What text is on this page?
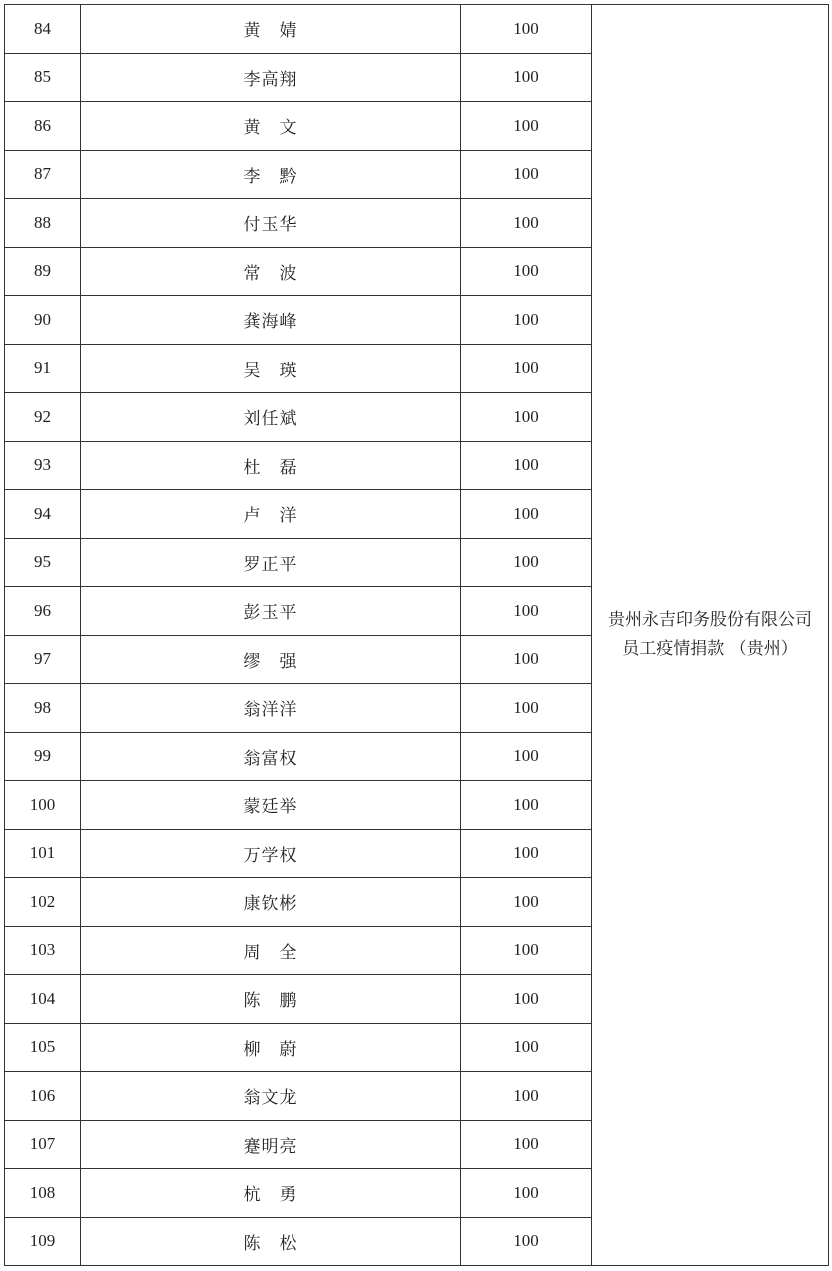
84	黄　婧	100	贵州永吉印务股份有限公司
员工疫情捐款 （贵州）

85	李高翔	100	
86	黄　文	100	
87	李　黔	100	
88	付玉华	100	
89	常　波	100	
90	龚海峰	100	
91	吴　瑛	100	
92	刘任斌	100	
93	杜　磊	100	
94	卢　洋	100	
95	罗正平	100	
96	彭玉平	100	
97	缪　强	100	
98	翁洋洋	100	
99	翁富权	100	
100	蒙廷举	100	
101	万学权	100	
102	康钦彬	100	
103	周　全	100	
104	陈　鹏	100	
105	柳　蔚	100	
106	翁文龙	100	
107	蹇明亮	100	
108	杭　勇	100	
109	陈　松	100	
